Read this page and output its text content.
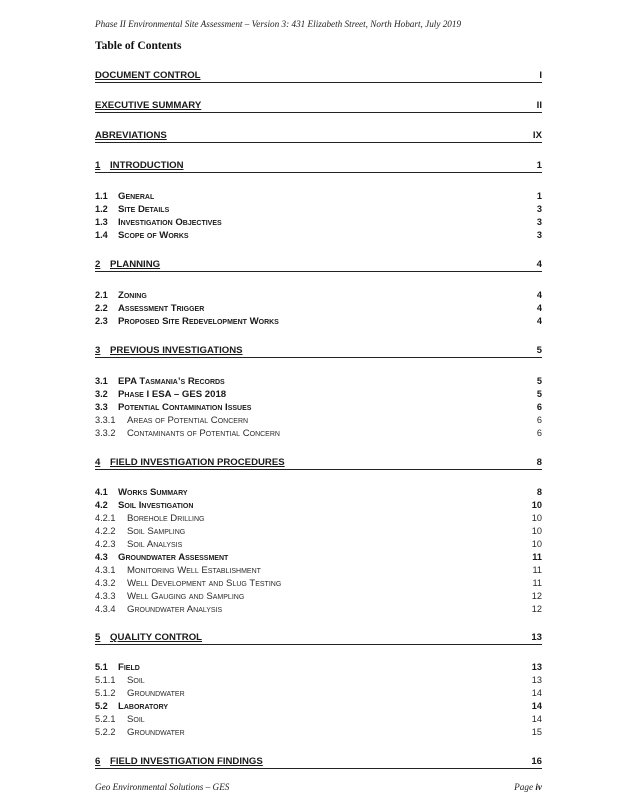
Phase II Environmental Site Assessment – Version 3: 431 Elizabeth Street, North Hobart, July 2019
Table of Contents
DOCUMENT CONTROL	I
EXECUTIVE SUMMARY	II
ABREVIATIONS	IX
1 INTRODUCTION	1
1.1 General	1
1.2 Site Details	3
1.3 Investigation Objectives	3
1.4 Scope of Works	3
2 PLANNING	4
2.1 Zoning	4
2.2 Assessment Trigger	4
2.3 Proposed Site Redevelopment Works	4
3 PREVIOUS INVESTIGATIONS	5
3.1 EPA Tasmania’s Records	5
3.2 Phase I ESA – GES 2018	5
3.3 Potential Contamination Issues	6
3.3.1 Areas of Potential Concern	6
3.3.2 Contaminants of Potential Concern	6
4 FIELD INVESTIGATION PROCEDURES	8
4.1 Works Summary	8
4.2 Soil Investigation	10
4.2.1 Borehole Drilling	10
4.2.2 Soil Sampling	10
4.2.3 Soil Analysis	10
4.3 Groundwater Assessment	11
4.3.1 Monitoring Well Establishment	11
4.3.2 Well Development and Slug Testing	11
4.3.3 Well Gauging and Sampling	12
4.3.4 Groundwater Analysis	12
5 QUALITY CONTROL	13
5.1 Field	13
5.1.1 Soil	13
5.1.2 Groundwater	14
5.2 Laboratory	14
5.2.1 Soil	14
5.2.2 Groundwater	15
6 FIELD INVESTIGATION FINDINGS	16
Geo Environmental Solutions – GES	Page iv
